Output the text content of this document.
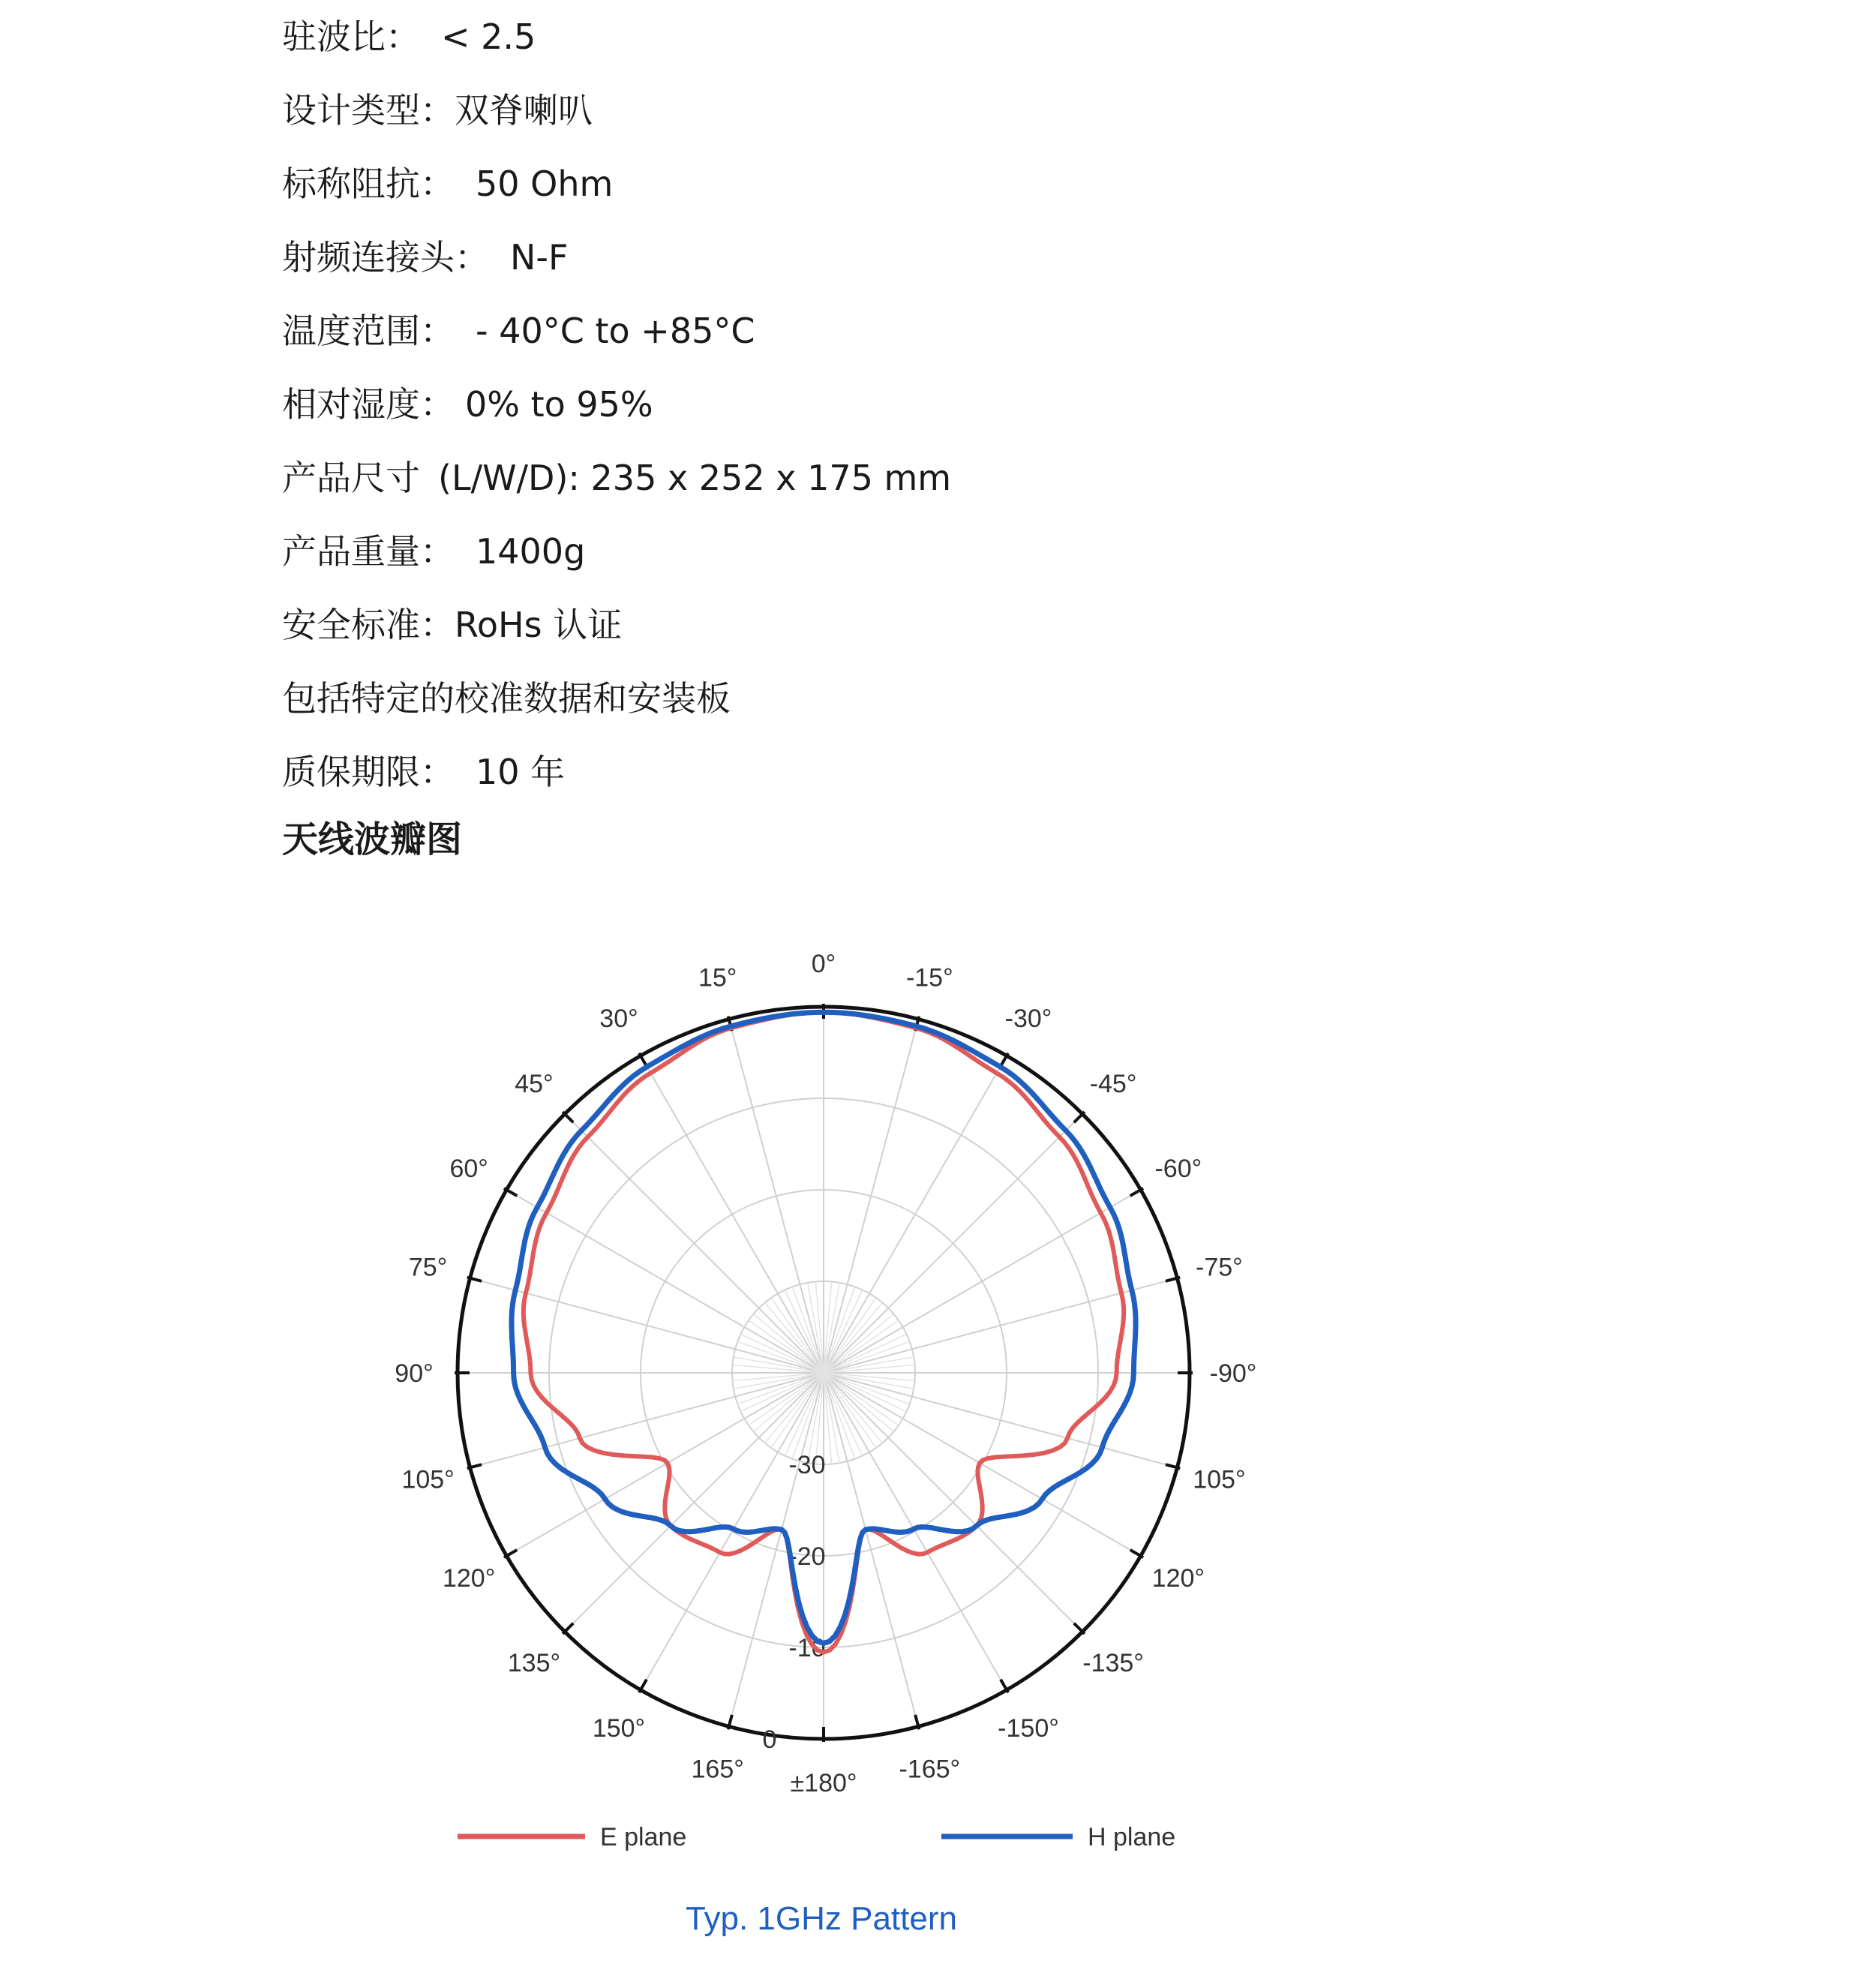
驻波比： < 2.5
设计类型：双脊喇叭
标称阻抗： 50 Ohm
射频连接头： N-F
温度范围： - 40°C to +85°C
相对湿度： 0% to 95%
产品尺寸 (L/W/D): 235 x 252 x 175 mm
产品重量： 1400g
安全标准：RoHs 认证
包括特定的校准数据和安装板
质保期限： 10 年
天线波瓣图
0°	-15°
-30°
-45°
-60°
-75°
-90°
105°
120°
-135°
-150°
-165°
±180°
165°
150°
135°
120°
105°
90°
75°
60°
45°
30°
15°
-30
-20
-10
0
E plane	H plane
Typ. 1GHz Pattern
